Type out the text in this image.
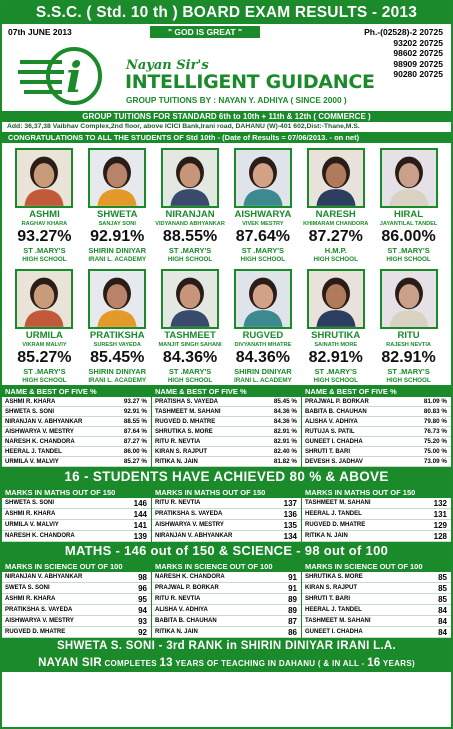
S.S.C. ( Std. 10 th ) BOARD EXAM RESULTS - 2013
07th JUNE 2013	" GOD IS GREAT "	Ph.-(02528)-2 20725
93202 20725
98602 20725
98909 20725
90280 20725
i	Nayan Sir's
INTELLIGENT GUIDANCE
GROUP TUITIONS BY : NAYAN Y. ADHIYA ( SINCE 2000 )
GROUP TUITIONS FOR STANDARD 6th to 10th + 11th & 12th ( COMMERCE )
Add: 36,37,38 Vaibhav Complex,2nd floor, above ICICI Bank,Irani road, DAHANU (W)-401 602,Dist:-Thane,M.S.
CONGRATULATIONS TO ALL THE STUDENTS OF Std 10th - (Date of Results = 07/06/2013. - on net)
ASHMI
RAGHAV KHARA
93.27%
ST .MARY'S
HIGH SCHOOL
SHWETA
SANJAY SONI
92.91%
SHIRIN DINIYAR
IRANI L. ACADEMY
NIRANJAN
VIDYANAND ABHYANKAR
88.55%
ST .MARY'S
HIGH SCHOOL
AISHWARYA
VIVEK MESTRY
87.64%
ST .MARY'S
HIGH SCHOOL
NARESH
KHIMARAM CHANDORA
87.27%
H.M.P.
HIGH SCHOOL
HIRAL
JAYANTILAL TANDEL
86.00%
ST .MARY'S
HIGH SCHOOL
URMILA
VIKRAM MALVIY
85.27%
ST .MARY'S
HIGH SCHOOL
PRATIKSHA
SURESH VAYEDA
85.45%
SHIRIN DINIYAR
IRANI L. ACADEMY
TASHMEET
MANJIT SINGH SAHANI
84.36%
ST .MARY'S
HIGH SCHOOL
RUGVED
DIVYANATH MHATRE
84.36%
SHIRIN DINIYAR
IRANI L. ACADEMY
SHRUTIKA
SAINATH MORE
82.91%
ST .MARY'S
HIGH SCHOOL
RITU
RAJESH NEVTIA
82.91%
ST .MARY'S
HIGH SCHOOL
NAME & BEST OF FIVE %
ASHMI R. KHARA	93.27 %
SHWETA S. SONI	92.91 %
NIRANJAN V. ABHYANKAR	88.55 %
AISHWARYA V. MESTRY	87.64 %
NARESH K. CHANDORA	87.27 %
HEERAL J. TANDEL	86.00 %
URMILA V. MALVIY	85.27 %
NAME & BEST OF FIVE %
PRATISHA S. VAYEDA	85.45 %
TASHMEET M. SAHANI	84.36 %
RUGVED D. MHATRE	84.36 %
SHRUTIKA S. MORE	82.91 %
RITU R. NEVTIA	82.91 %
KIRAN S. RAJPUT	82.40 %
RITIKA N. JAIN	81.82 %
NAME & BEST OF FIVE %
PRAJWAL P. BORKAR	81.09 %
BABITA B. CHAUHAN	80.83 %
ALISHA V. ADHIYA	79.80 %
RUTUJA S. PATIL	76.73 %
GUNEET I. CHADHA	75.20 %
SHRUTI T. BARI	75.00 %
DEVESH S. JADHAV	73.09 %
16 - STUDENTS HAVE ACHIEVED 80 % & ABOVE
MARKS IN MATHS OUT OF 150
SHWETA S. SONI	146
ASHMI R. KHARA	144
URMILA V. MALVIY	141
NARESH K. CHANDORA	139
MARKS IN MATHS OUT OF 150
RITU R. NEVTIA	137
PRATIKSHA S. VAYEDA	136
AISHWARYA V. MESTRY	135
NIRANJAN V. ABHYANKAR	134
MARKS IN MATHS OUT OF 150
TASHMEET M. SAHANI	132
HEERAL J. TANDEL	131
RUGVED D. MHATRE	129
RITIKA N. JAIN	128
MATHS - 146 out of 150 & SCIENCE - 98 out of 100
MARKS IN SCIENCE OUT OF 100
NIRANJAN V. ABHYANKAR	98
SWETA S. SONI	96
ASHMI R. KHARA	95
PRATIKSHA S. VAYEDA	94
AISHWARYA V. MESTRY	93
RUGVED D. MHATRE	92
MARKS IN SCIENCE OUT OF 100
NARESH K. CHANDORA	91
PRAJWAL P. BORKAR	91
RITU R. NEVTIA	89
ALISHA V. ADHIYA	89
BABITA B. CHAUHAN	87
RITIKA N. JAIN	86
MARKS IN SCIENCE OUT OF 100
SHRUTIKA S. MORE	85
KIRAN S. RAJPUT	85
SHRUTI T. BARI	85
HEERAL J. TANDEL	84
TASHMEET M. SAHANI	84
GUNEET I. CHADHA	84
SHWETA S. SONI - 3rd RANK in SHIRIN DINIYAR IRANI L.A.
NAYAN SIR COMPLETES 13 YEARS OF TEACHING IN DAHANU ( & IN ALL - 16 YEARS)
